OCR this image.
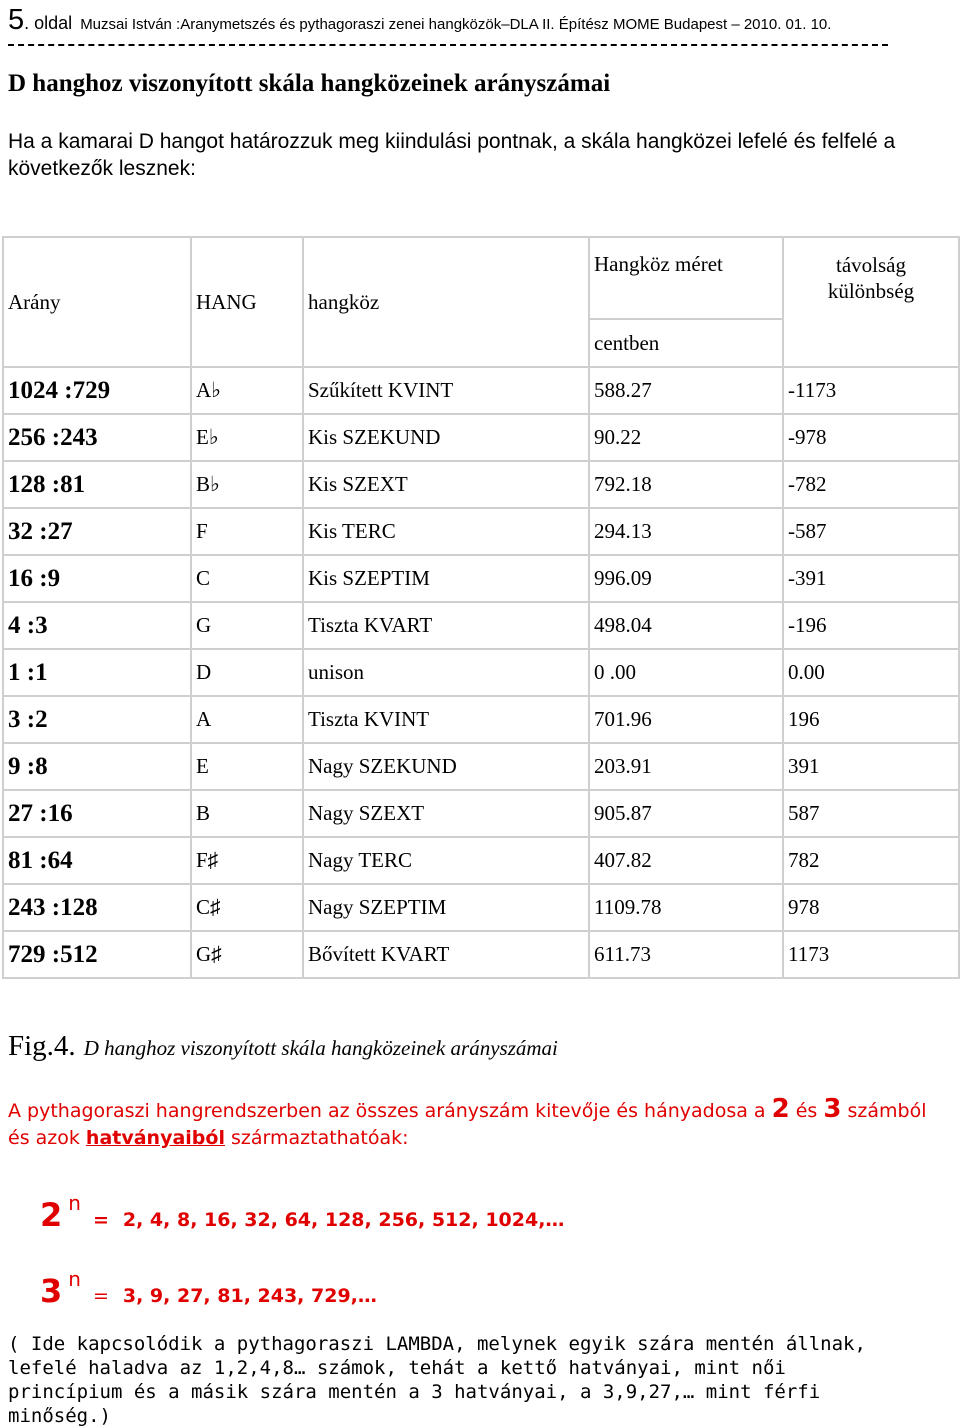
5. oldal Muzsai István :Aranymetszés és pythagoraszi zenei hangközök–DLA II. Építész MOME Budapest – 2010. 01. 10.
D hanghoz viszonyított skála hangközeinek arányszámai
Ha a kamarai D hangot határozzuk meg kiindulási pontnak, a skála hangközei lefelé és felfelé a következők lesznek:
Arány	HANG	hangköz	Hangköz méret	távolság
különbség
			centben	
1024 :729	A♭	Szűkített KVINT	588.27	-1173
256 :243	E♭	Kis SZEKUND	90.22	-978
128 :81	B♭	Kis SZEXT	792.18	-782
32 :27	F	Kis TERC	294.13	-587
16 :9	C	Kis SZEPTIM	996.09	-391
4 :3	G	Tiszta KVART	498.04	-196
1 :1	D	unison	0 .00	0.00
3 :2	A	Tiszta KVINT	701.96	196
9 :8	E	Nagy SZEKUND	203.91	391
27 :16	B	Nagy SZEXT	905.87	587
81 :64	F♯	Nagy TERC	407.82	782
243 :128	C♯	Nagy SZEPTIM	1109.78	978
729 :512	G♯	Bővített KVART	611.73	1173
Fig.4. D hanghoz viszonyított skála hangközeinek arányszámai
A pythagoraszi hangrendszerben az összes arányszám kitevője és hányadosa a 2 és 3 számból és azok hatványaiból származtathatóak:
2 n= 2, 4, 8, 16, 32, 64, 128, 256, 512, 1024,…
3 n= 3, 9, 27, 81, 243, 729,…
( Ide kapcsolódik a pythagoraszi LAMBDA, melynek egyik szára mentén állnak, lefelé haladva az 1,2,4,8… számok, tehát a kettő hatványai, mint női princípium és a másik szára mentén a 3 hatványai, a 3,9,27,… mint férfi minőség.)
